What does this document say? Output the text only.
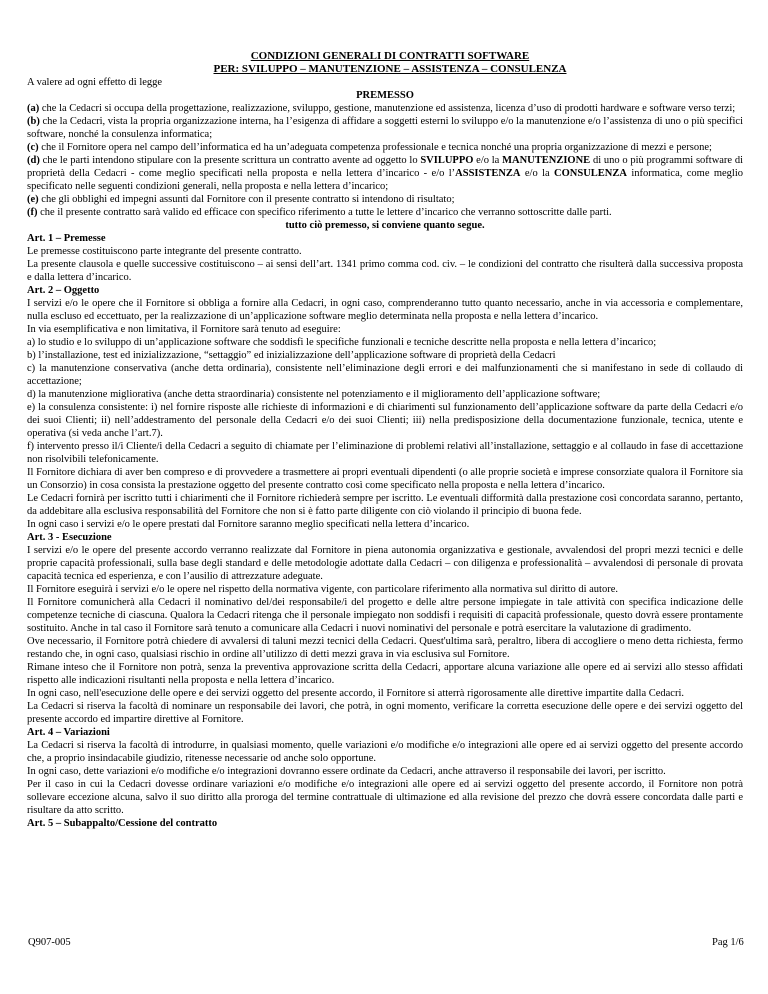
CONDIZIONI GENERALI DI CONTRATTI SOFTWARE
PER: SVILUPPO – MANUTENZIONE – ASSISTENZA – CONSULENZA

A valere ad ogni effetto di legge

PREMESSO

(a) che la Cedacri si occupa della progettazione, realizzazione, sviluppo, gestione, manutenzione ed assistenza, licenza d’uso di prodotti hardware e software verso terzi;

(b) che la Cedacri, vista la propria organizzazione interna, ha l’esigenza di affidare a soggetti esterni lo sviluppo e/o la manutenzione e/o l’assistenza di uno o più specifici software, nonché la consulenza informatica;

(c) che il Fornitore opera nel campo dell’informatica ed ha un’adeguata competenza professionale e tecnica nonché una propria organizzazione di mezzi e persone;

(d) che le parti intendono stipulare con la presente scrittura un contratto avente ad oggetto lo SVILUPPO e/o la MANUTENZIONE di uno o più programmi software di proprietà della Cedacri - come meglio specificati nella proposta e nella lettera d’incarico - e/o l’ASSISTENZA e/o la CONSULENZA informatica, come meglio specificato nelle seguenti condizioni generali, nella proposta e nella lettera d’incarico;

(e) che gli obblighi ed impegni assunti dal Fornitore con il presente contratto si intendono di risultato;

(f) che il presente contratto sarà valido ed efficace con specifico riferimento a tutte le lettere d’incarico che verranno sottoscritte dalle parti.

tutto ciò premesso, si conviene quanto segue.

Art. 1 – Premesse

Le premesse costituiscono parte integrante del presente contratto.

La presente clausola e quelle successive costituiscono – ai sensi dell’art. 1341 primo comma cod. civ. – le condizioni del contratto che risulterà dalla successiva proposta e dalla lettera d’incarico.

Art. 2 – Oggetto

I servizi e/o le opere che il Fornitore si obbliga a fornire alla Cedacri, in ogni caso, comprenderanno tutto quanto necessario, anche in via accessoria e complementare, nulla escluso ed eccettuato, per la realizzazione di un’applicazione software meglio determinata nella proposta e nella lettera d’incarico.

In via esemplificativa e non limitativa, il Fornitore sarà tenuto ad eseguire:

a) lo studio e lo sviluppo di un’applicazione software che soddisfi le specifiche funzionali e tecniche descritte nella proposta e nella lettera d’incarico;

b) l’installazione, test ed inizializzazione, “settaggio” ed inizializzazione dell’applicazione software di proprietà della Cedacri

c) la manutenzione conservativa (anche detta ordinaria), consistente nell’eliminazione degli errori e dei malfunzionamenti che si manifestano in sede di collaudo di accettazione;

d) la manutenzione migliorativa (anche detta straordinaria) consistente nel potenziamento e il miglioramento dell’applicazione software;

e) la consulenza consistente: i) nel fornire risposte alle richieste di informazioni e di chiarimenti sul funzionamento dell’applicazione software da parte della Cedacri e/o dei suoi Clienti; ii) nell’addestramento del personale della Cedacri e/o dei suoi Clienti; iii) nella predisposizione della documentazione funzionale, tecnica, utente e operativa (si veda anche l’art.7).

f) intervento presso il/i Cliente/i della Cedacri a seguito di chiamate per l’eliminazione di problemi relativi all’installazione, settaggio e al collaudo in fase di accettazione non risolvibili telefonicamente.

Il Fornitore dichiara di aver ben compreso e di provvedere a trasmettere ai propri eventuali dipendenti (o alle proprie società e imprese consorziate qualora il Fornitore sia un Consorzio) in cosa consista la prestazione oggetto del presente contratto così come specificato nella proposta e nella lettera d’incarico.

Le Cedacri fornirà per iscritto tutti i chiarimenti che il Fornitore richiederà sempre per iscritto. Le eventuali difformità dalla prestazione così concordata saranno, pertanto, da addebitare alla esclusiva responsabilità del Fornitore che non si è fatto parte diligente con ciò violando il principio di buona fede.

In ogni caso i servizi e/o le opere prestati dal Fornitore saranno meglio specificati nella lettera d’incarico.

Art. 3 - Esecuzione

I servizi e/o le opere del presente accordo verranno realizzate dal Fornitore in piena autonomia organizzativa e gestionale, avvalendosi del propri mezzi tecnici e delle proprie capacità professionali, sulla base degli standard e delle metodologie adottate dalla Cedacri – con diligenza e professionalità – avvalendosi di personale di provata capacità tecnica ed esperienza, e con l’ausilio di attrezzature adeguate.

Il Fornitore eseguirà i servizi e/o le opere nel rispetto della normativa vigente, con particolare riferimento alla normativa sul diritto di autore.

Il Fornitore comunicherà alla Cedacri il nominativo del/dei responsabile/i del progetto e delle altre persone impiegate in tale attività con specifica indicazione delle competenze tecniche di ciascuna. Qualora la Cedacri ritenga che il personale impiegato non soddisfi i requisiti di capacità professionale, questo dovrà essere prontamente sostituito. Anche in tal caso il Fornitore sarà tenuto a comunicare alla Cedacri i nuovi nominativi del personale e potrà esercitare la valutazione di gradimento.

Ove necessario, il Fornitore potrà chiedere di avvalersi di taluni mezzi tecnici della Cedacri. Quest'ultima sarà, peraltro, libera di accogliere o meno detta richiesta, fermo restando che, in ogni caso, qualsiasi rischio in ordine all’utilizzo di detti mezzi grava in via esclusiva sul Fornitore.

Rimane inteso che il Fornitore non potrà, senza la preventiva approvazione scritta della Cedacri, apportare alcuna variazione alle opere ed ai servizi allo stesso affidati rispetto alle indicazioni risultanti nella proposta e nella lettera d’incarico.

In ogni caso, nell'esecuzione delle opere e dei servizi oggetto del presente accordo, il Fornitore si atterrà rigorosamente alle direttive impartite dalla Cedacri.

La Cedacri si riserva la facoltà di nominare un responsabile dei lavori, che potrà, in ogni momento, verificare la corretta esecuzione delle opere e dei servizi oggetto del presente accordo ed impartire direttive al Fornitore.

Art. 4 – Variazioni

La Cedacri si riserva la facoltà di introdurre, in qualsiasi momento, quelle variazioni e/o modifiche e/o integrazioni alle opere ed ai servizi oggetto del presente accordo che, a proprio insindacabile giudizio, ritenesse necessarie od anche solo opportune.

In ogni caso, dette variazioni e/o modifiche e/o integrazioni dovranno essere ordinate da Cedacri, anche attraverso il responsabile dei lavori, per iscritto.

Per il caso in cui la Cedacri dovesse ordinare variazioni e/o modifiche e/o integrazioni alle opere ed ai servizi oggetto del presente accordo, il Fornitore non potrà sollevare eccezione alcuna, salvo il suo diritto alla proroga del termine contrattuale di ultimazione ed alla revisione del prezzo che dovrà essere concordata dalle parti e risultare da atto scritto.

Art. 5 – Subappalto/Cessione del contratto

Q907-005	Pag 1/6
